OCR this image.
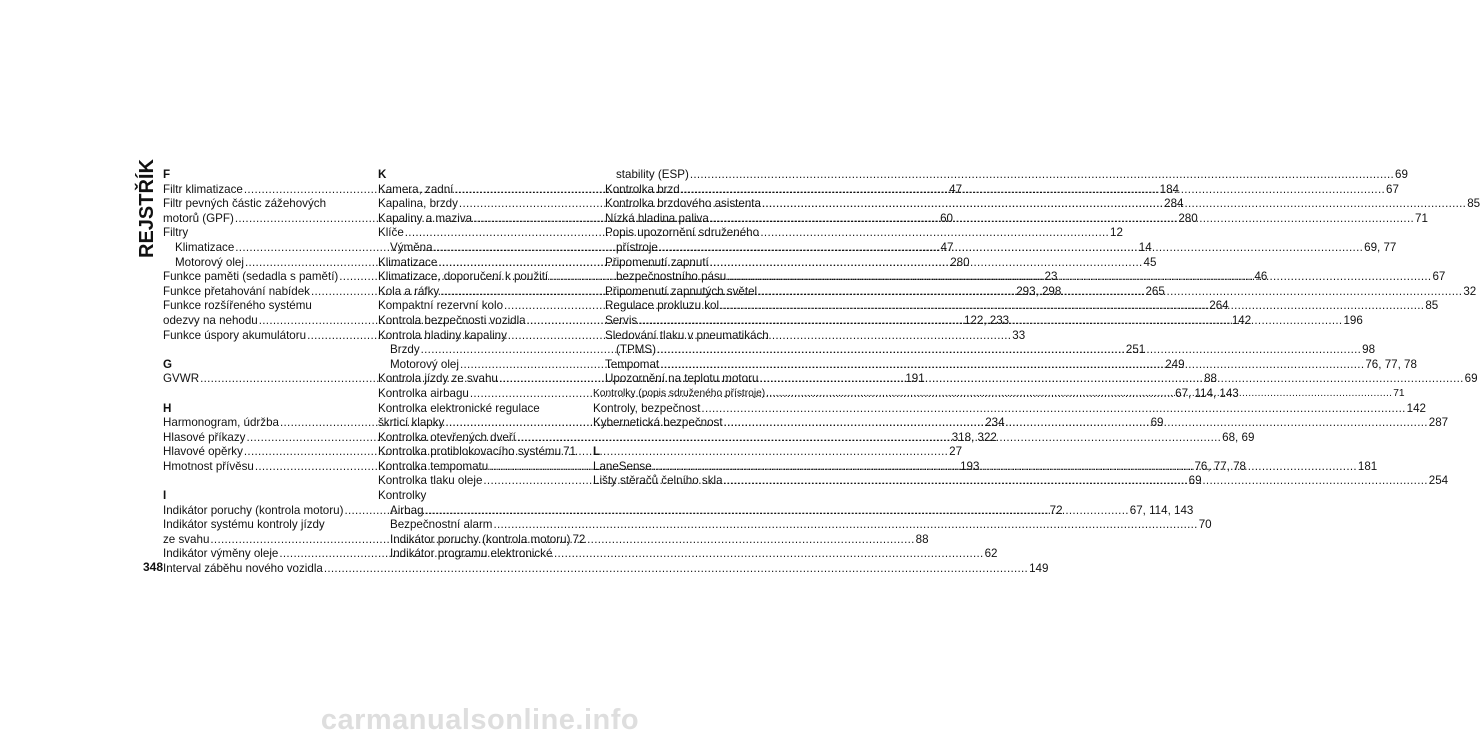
REJSTŘÍK F
Filtr klimatizace .....	47
Filtr pevných částic zážehových
motorů (GPF) .....	60
Filtry
Klimatizace .....	47
Motorový olej .....	280
Funkce paměti (sedadla s pamětí) .....	23
Funkce přetahování nabídek .....	293, 298
Funkce rozšířeného systému
odezvy na nehodu .....	122, 233
Funkce úspory akumulátoru .....	33
G
GVWR .....	191
H
Harmonogram, údržba .....	234
Hlasové příkazy .....	318, 322
Hlavové opěrky .....	27
Hmotnost přívěsu .....	193
I
Indikátor poruchy (kontrola motoru) .....	72
Indikátor systému kontroly jízdy
ze svahu .....	88
Indikátor výměny oleje .....	62
Interval záběhu nového vozidla .....	149
K
Kamera, zadní .....	184
Kapalina, brzdy .....	284
Kapaliny a maziva .....	280
Klíče .....	12
Výměna .....	14
Klimatizace .....	45
Klimatizace, doporučení k použití .....	46
Kola a ráfky .....	265
Kompaktní rezervní kolo .....	264
Kontrola bezpečnosti vozidla .....	142
Kontrola hladiny kapaliny
Brzdy .....	251
Motorový olej .....	249
Kontrola jízdy ze svahu .....	88
Kontrolka airbagu .....	67, 114, 143
Kontrolka elektronické regulace
škrticí klapky .....	69
Kontrolka otevřených dveří .....	68, 69
Kontrolka protiblokovacího systému ..... 71
Kontrolka tempomatu .....	76, 77, 78
Kontrolka tlaku oleje .....	69
Kontrolky
Airbag .....	67, 114, 143
Bezpečnostní alarm .....	70
Indikátor poruchy (kontrola motoru) 72
Indikátor programu elektronické
stability (ESP) .....	69
Kontrolka brzd .....	67
Kontrolka brzdového asistenta .....	85
Nízká hladina paliva .....	71
Popis upozornění sdruženého
přístroje .....	69, 77
Připomenutí zapnutí
bezpečnostního pásu .....	67
Připomenutí zapnutých světel .....	32
Regulace prokluzu kol .....	85
Servis .....	196
Sledování tlaku v pneumatikách
(TPMS) .....	98
Tempomat .....	76, 77, 78
Upozornění na teplotu motoru .....	69
Kontrolky (popis sdruženého přístroje) .....	71
Kontroly, bezpečnost .....	142
Kybernetická bezpečnost .....	287
L
LaneSense .....	181
Lišty stěračů čelního skla .....	254
348
carmanualsonline.info
